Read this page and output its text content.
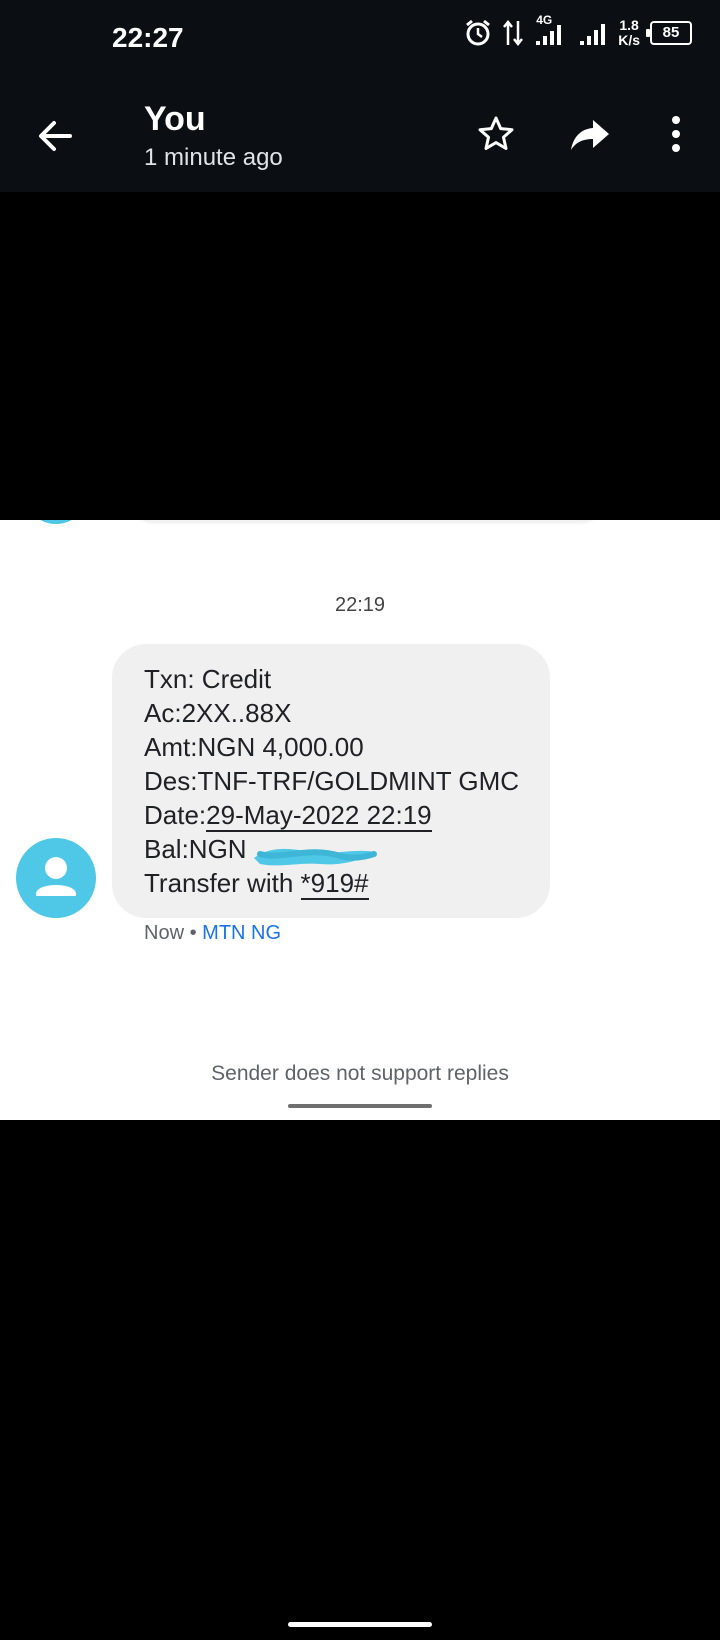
22:27
4G	1.8
K/s	85
You
1 minute ago
22:19
Txn: Credit
Ac:2XX..88X
Amt:NGN 4,000.00
Des:TNF-TRF/GOLDMINT GMC
Date:29-May-2022 22:19
Bal:NGN
Transfer with *919#
Now • MTN NG
Sender does not support replies
